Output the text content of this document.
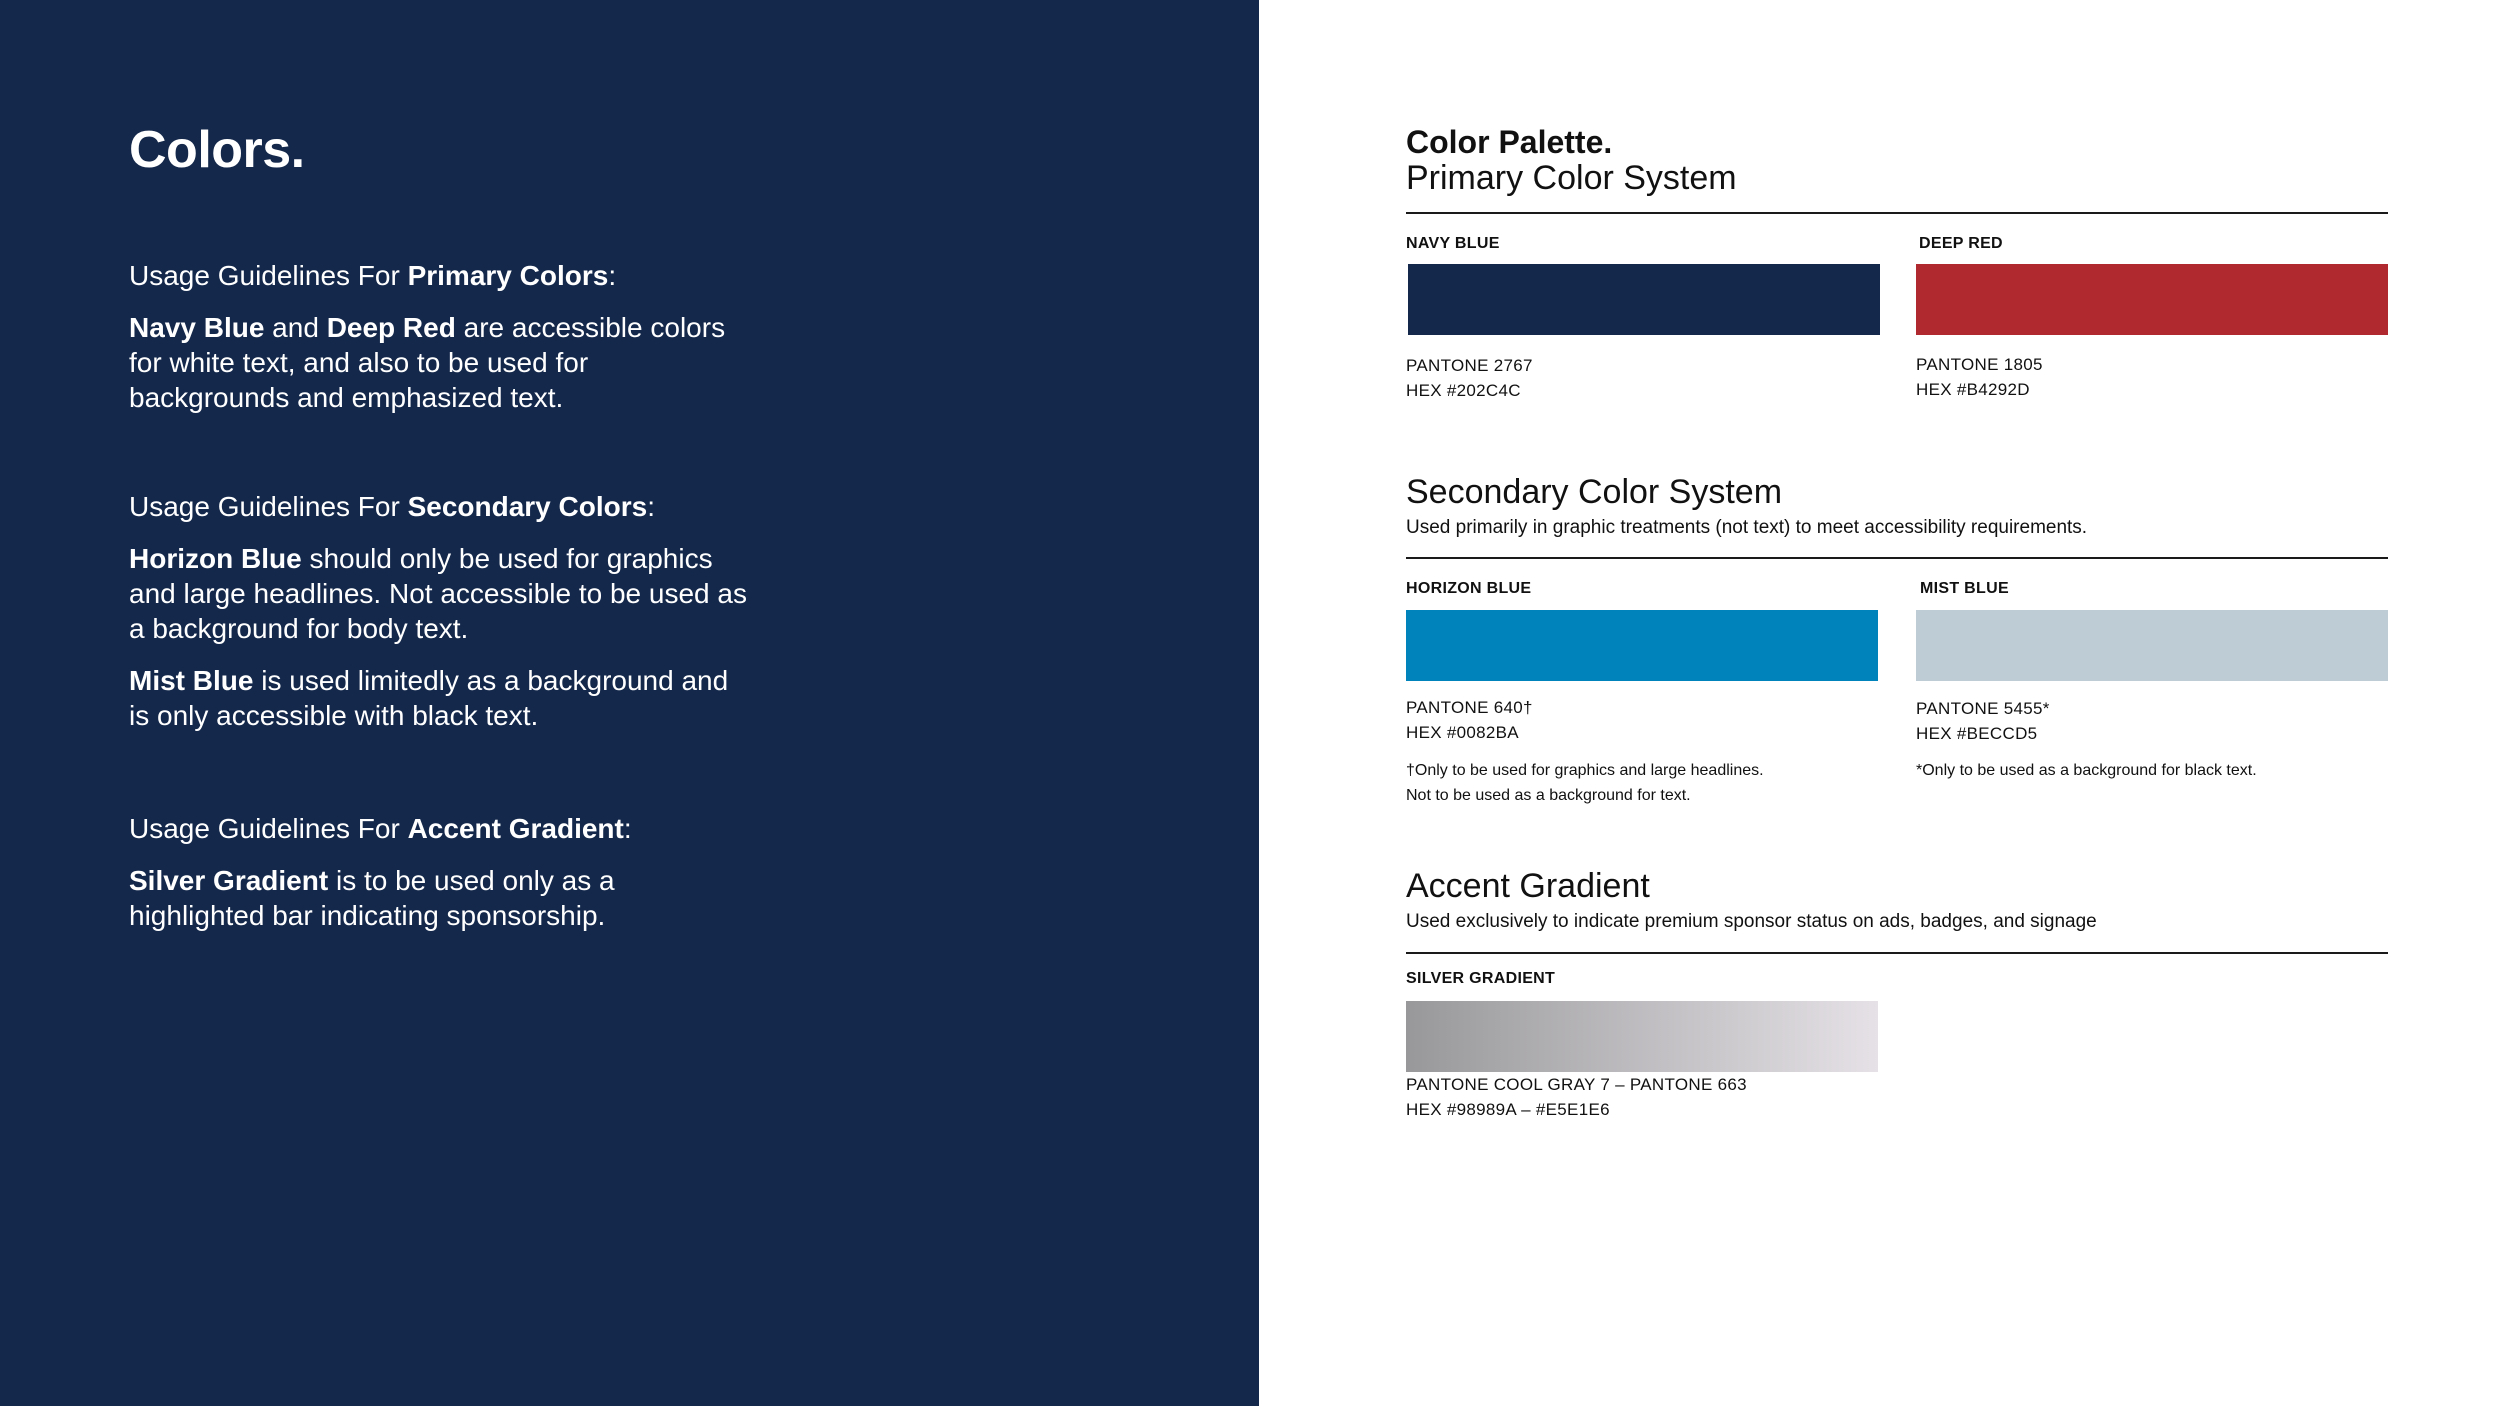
Colors.

Usage Guidelines For Primary Colors:

Navy Blue and Deep Red are accessible colors for white text, and also to be used for backgrounds and emphasized text.

Usage Guidelines For Secondary Colors:

Horizon Blue should only be used for graphics and large headlines. Not accessible to be used as a background for body text.

Mist Blue is used limitedly as a background and is only accessible with black text.

Usage Guidelines For Accent Gradient:

Silver Gradient is to be used only as a highlighted bar indicating sponsorship.

Color Palette.
Primary Color System
NAVY BLUE
PANTONE 2767
HEX #202C4C
DEEP RED
PANTONE 1805
HEX #B4292D
Secondary Color System

Used primarily in graphic treatments (not text) to meet accessibility requirements.

HORIZON BLUE
PANTONE 640†
HEX #0082BA
†Only to be used for graphics and large headlines.
Not to be used as a background for text.
MIST BLUE
PANTONE 5455*
HEX #BECCD5
*Only to be used as a background for black text.
Accent Gradient

Used exclusively to indicate premium sponsor status on ads, badges, and signage

SILVER GRADIENT
PANTONE COOL GRAY 7 – PANTONE 663
HEX #98989A – #E5E1E6
